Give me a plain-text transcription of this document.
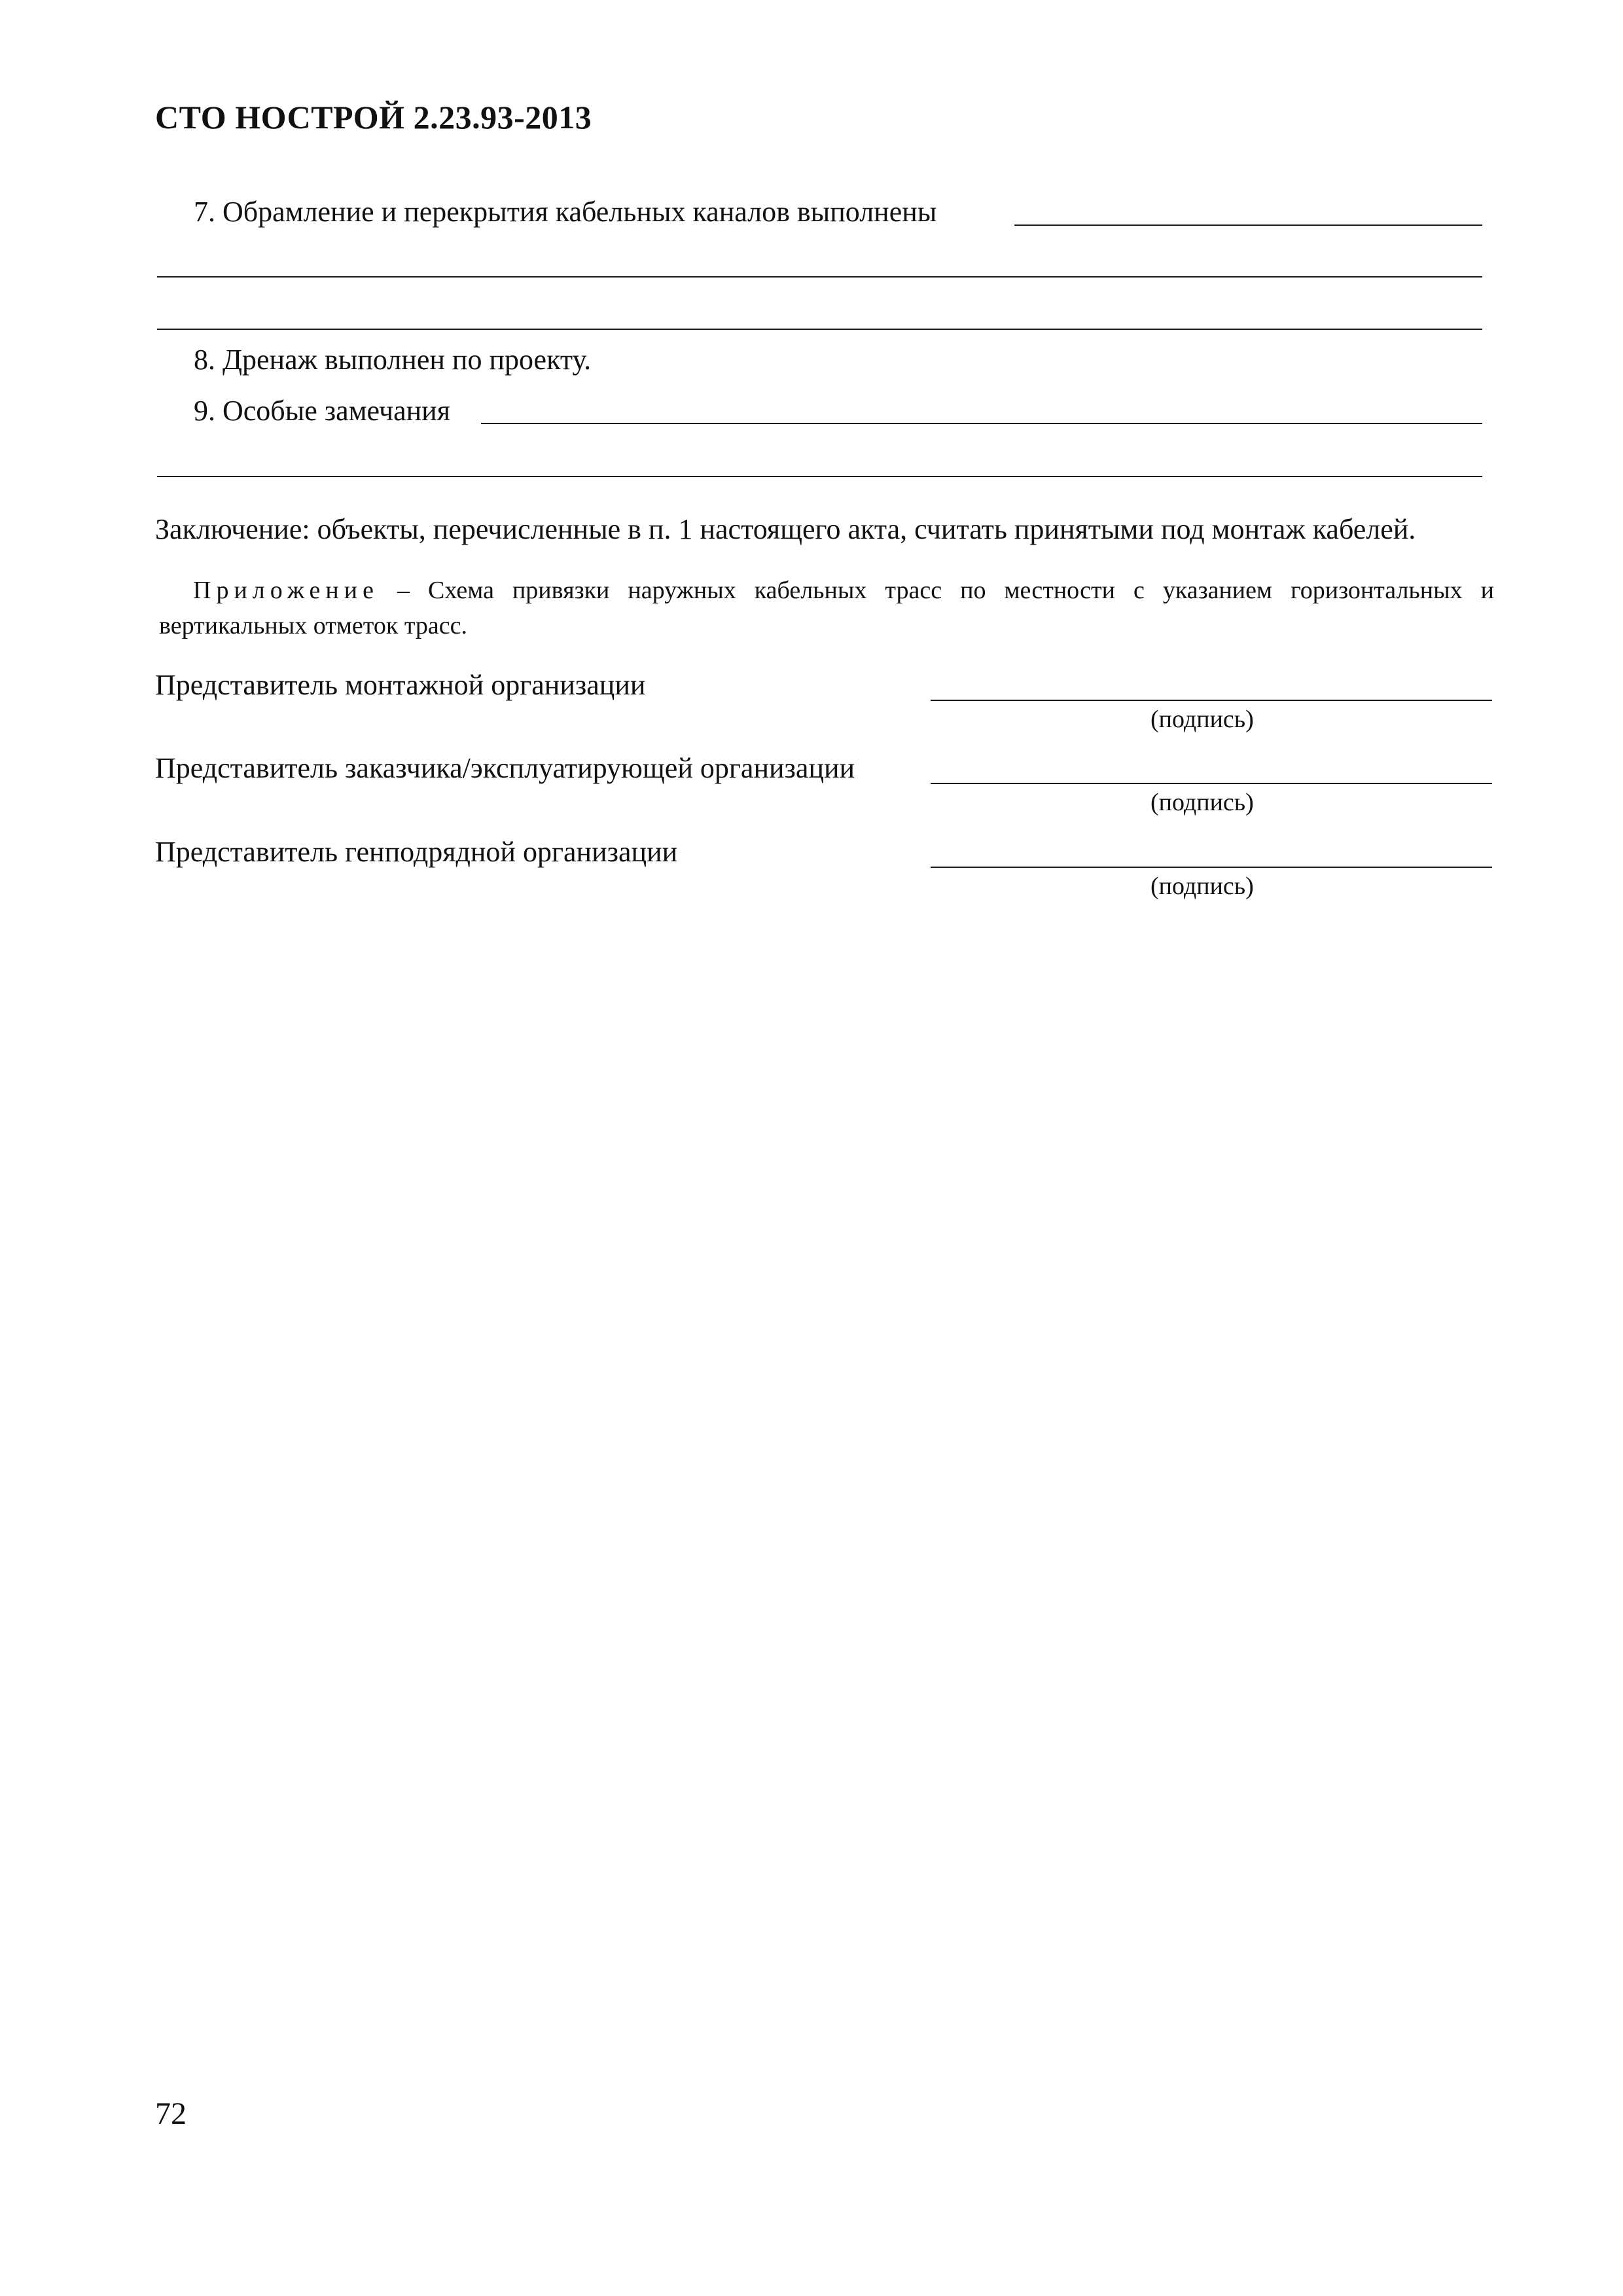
СТО НОСТРОЙ 2.23.93-2013
7. Обрамление и перекрытия кабельных каналов выполнены
8. Дренаж выполнен по проекту.
9. Особые замечания
Заключение: объекты, перечисленные в п. 1 настоящего акта, считать принятыми под монтаж кабелей.
Приложение – Схема привязки наружных кабельных трасс по местности с указанием горизонтальных и вертикальных отметок трасс.
Представитель монтажной организации
(подпись)
Представитель заказчика/эксплуатирующей организации
(подпись)
Представитель генподрядной организации
(подпись)
72
